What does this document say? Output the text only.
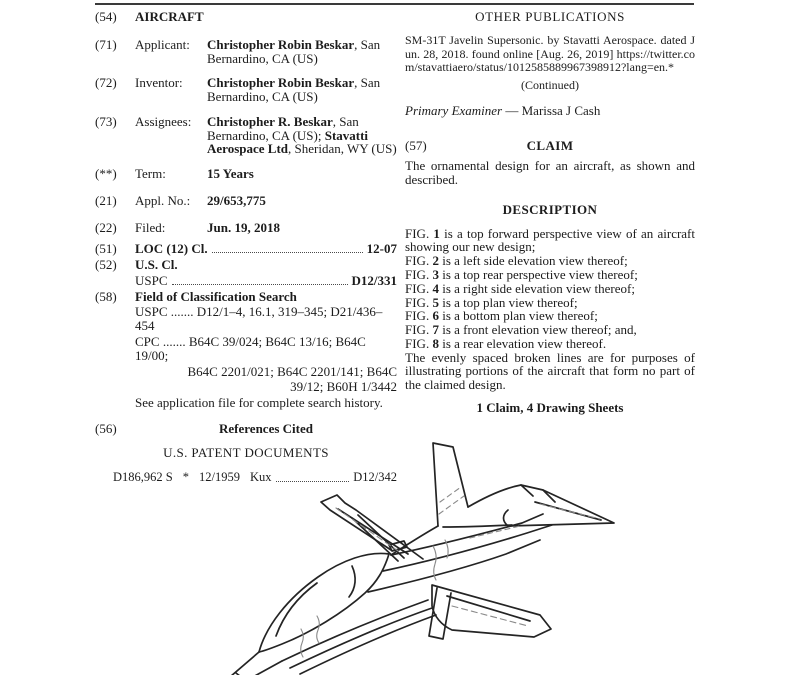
(54)	AIRCRAFT
(71)	Applicant:	Christopher Robin Beskar, San Bernardino, CA (US)
(72)	Inventor:	Christopher Robin Beskar, San Bernardino, CA (US)
(73)	Assignees:	Christopher R. Beskar, San Bernardino, CA (US); Stavatti Aerospace Ltd, Sheridan, WY (US)
(**)	Term:	15 Years
(21)	Appl. No.:	29/653,775
(22)	Filed:	Jun. 19, 2018
(51)	LOC (12) Cl.	12-07
(52)	U.S. Cl.
USPC	D12/331
(58)	Field of Classification Search
USPC ....... D12/1–4, 16.1, 319–345; D21/436–454
CPC ....... B64C 39/024; B64C 13/16; B64C 19/00;
B64C 2201/021; B64C 2201/141; B64C
39/12; B60H 1/3442
See application file for complete search history.
(56)	References Cited
U.S. PATENT DOCUMENTS
D186,962 S * 12/1959 Kux	D12/342
OTHER PUBLICATIONS
SM-31T Javelin Supersonic. by Stavatti Aerospace. dated Jun. 28, 2018. found online [Aug. 26, 2019] https://twitter.com/stavattiaero/status/1012585889967398912?lang=en.*
(Continued)
Primary Examiner — Marissa J Cash
(57)	CLAIM
The ornamental design for an aircraft, as shown and described.
DESCRIPTION
FIG. 1 is a top forward perspective view of an aircraft showing our new design;
FIG. 2 is a left side elevation view thereof;
FIG. 3 is a top rear perspective view thereof;
FIG. 4 is a right side elevation view thereof;
FIG. 5 is a top plan view thereof;
FIG. 6 is a bottom plan view thereof;
FIG. 7 is a front elevation view thereof; and,
FIG. 8 is a rear elevation view thereof.
The evenly spaced broken lines are for purposes of illustrating portions of the aircraft that form no part of the claimed design.
1 Claim, 4 Drawing Sheets
